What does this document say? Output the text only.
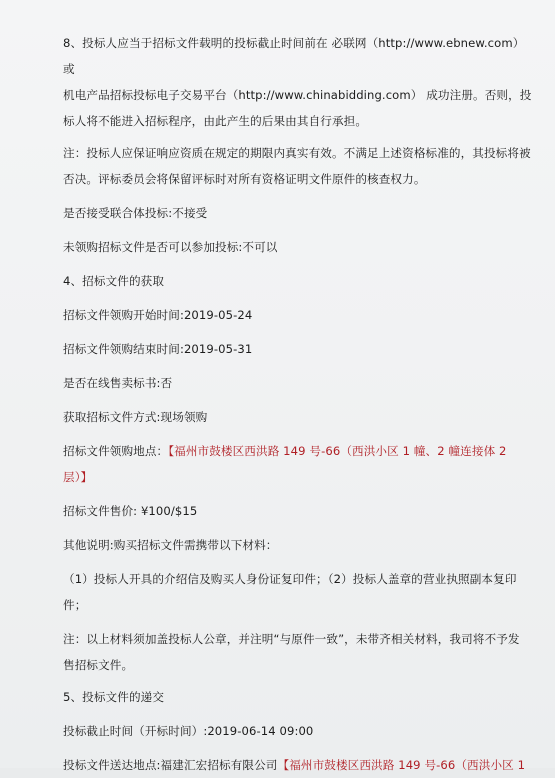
8、投标人应当于招标文件载明的投标截止时间前在 必联网（http://www.ebnew.com）或

机电产品招标投标电子交易平台（http://www.chinabidding.com） 成功注册。否则，投

标人将不能进入招标程序，由此产生的后果由其自行承担。

注：投标人应保证响应资质在规定的期限内真实有效。不满足上述资格标准的，其投标将被

否决。评标委员会将保留评标时对所有资格证明文件原件的核查权力。

是否接受联合体投标:不接受

未领购招标文件是否可以参加投标:不可以

4、招标文件的获取

招标文件领购开始时间:2019-05-24

招标文件领购结束时间:2019-05-31

是否在线售卖标书:否

获取招标文件方式:现场领购

招标文件领购地点：【福州市鼓楼区西洪路 149 号-66（西洪小区 1 幢、2 幢连接体 2 层）】

招标文件售价: ¥100/$15

其他说明:购买招标文件需携带以下材料：

（1）投标人开具的介绍信及购买人身份证复印件；（2）投标人盖章的营业执照副本复印

件；

注：以上材料须加盖投标人公章，并注明“与原件一致”，未带齐相关材料，我司将不予发

售招标文件。

5、投标文件的递交

投标截止时间（开标时间）:2019-06-14 09:00

投标文件送达地点:福建汇宏招标有限公司【福州市鼓楼区西洪路 149 号-66（西洪小区 1
